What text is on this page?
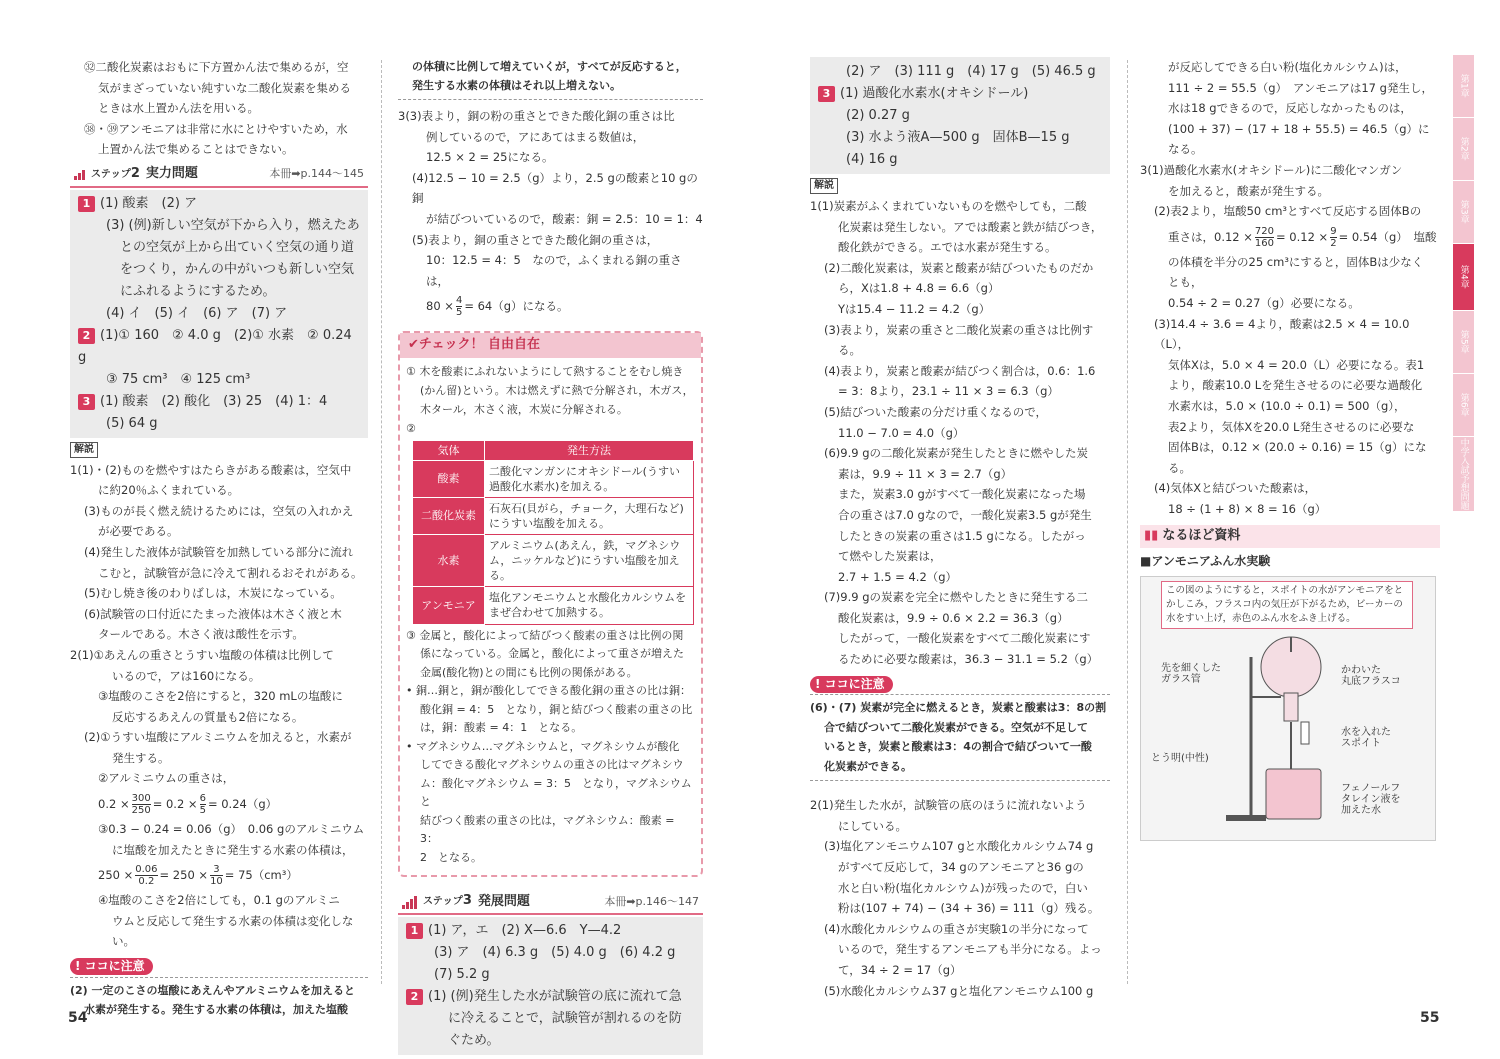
㉜二酸化炭素はおもに下方置かん法で集めるが，空

気がまざっていない純すいな二酸化炭素を集める

ときは水上置かん法を用いる。

㊳・㊴アンモニアは非常に水にとけやすいため，水

上置かん法で集めることはできない。

ステップ2 実力問題	本冊➡p.144〜145

1 (1) 酸素　(2) ア

(3) (例)新しい空気が下から入り，燃えたあ

との空気が上から出ていく空気の通り道

をつくり，かんの中がいつも新しい空気

にふれるようにするため。

(4) イ　(5) イ　(6) ア　(7) ア

2 (1)① 160　② 4.0 g　(2)① 水素　② 0.24 g

③ 75 cm³　④ 125 cm³

3 (1) 酸素　(2) 酸化　(3) 25　(4) 1：4

(5) 64 g

解説

1(1)・(2)ものを燃やすはたらきがある酸素は，空気中

に約20％ふくまれている。

(3)ものが長く燃え続けるためには，空気の入れかえ

が必要である。

(4)発生した液体が試験管を加熱している部分に流れ

こむと，試験管が急に冷えて割れるおそれがある。

(5)むし焼き後のわりばしは，木炭になっている。

(6)試験管の口付近にたまった液体は木さく液と木

タールである。木さく液は酸性を示す。

2(1)①あえんの重さとうすい塩酸の体積は比例して

いるので，アは160になる。

③塩酸のこさを2倍にすると，320 mLの塩酸に

反応するあえんの質量も2倍になる。

(2)①うすい塩酸にアルミニウムを加えると，水素が

発生する。

②アルミニウムの重さは，

$0.2 \times \frac{300}{250} = 0.2 \times \frac{6}{5} = 0.24(g)$

③0.3 − 0.24 = 0.06（g）　0.06 gのアルミニウム

に塩酸を加えたときに発生する水素の体積は，

$250 \times \frac{0.06}{0.2} = 250 \times \frac{3}{10} = 75(cm^3)$

④塩酸のこさを2倍にしても，0.1 gのアルミニ

ウムと反応して発生する水素の体積は変化しな

い。

!
ココに注意

(2) 一定のこさの塩酸にあえんやアルミニウムを加えると

水素が発生する。発生する水素の体積は，加えた塩酸

の体積に比例して増えていくが，すべてが反応すると，

発生する水素の体積はそれ以上増えない。

3(3)表より，銅の粉の重さとできた酸化銅の重さは比

例しているので，アにあてはまる数値は，

12.5 × 2 = 25になる。

(4)12.5 − 10 = 2.5（g）より，2.5 gの酸素と10 gの銅

が結びついているので，酸素：銅 = 2.5：10 = 1：4

(5)表より，銅の重さとできた酸化銅の重さは，

10：12.5 = 4：5　なので，ふくまれる銅の重さは，

$80 \times \frac{4}{5} = 64(g)$になる。

✔チェック！ 自由自在

① 木を酸素にふれないようにして熱することをむし焼き

(かん留)という。木は燃えずに熱で分解され，木ガス，

木タール，木さく液，木炭に分解される。

②

気体	発生方法
酸素	二酸化マンガンにオキシドール(うすい過酸化水素水)を加える。
二酸化炭素	石灰石(貝がら，チョーク，大理石など)にうすい塩酸を加える。
水素	アルミニウム(あえん，鉄，マグネシウム，ニッケルなど)にうすい塩酸を加える。
アンモニア	塩化アンモニウムと水酸化カルシウムをまぜ合わせて加熱する。

③ 金属と，酸化によって結びつく酸素の重さは比例の関

係になっている。金属と，酸化によって重さが増えた

金属(酸化物)との間にも比例の関係がある。

• 銅…銅と，銅が酸化してできる酸化銅の重さの比は銅：

酸化銅 = 4：5　となり，銅と結びつく酸素の重さの比

は，銅：酸素 = 4：1　となる。

• マグネシウム…マグネシウムと，マグネシウムが酸化

してできる酸化マグネシウムの重さの比はマグネシウ

ム：酸化マグネシウム = 3：5　となり，マグネシウムと

結びつく酸素の重さの比は，マグネシウム：酸素 = 3：

2　となる。

ステップ3 発展問題	本冊➡p.146〜147

1 (1) ア，エ　(2) X—6.6　Y—4.2

(3) ア　(4) 6.3 g　(5) 4.0 g　(6) 4.2 g

(7) 5.2 g

2 (1) (例)発生した水が試験管の底に流れて急

に冷えることで，試験管が割れるのを防

ぐため。

54

(2) ア　(3) 111 g　(4) 17 g　(5) 46.5 g

3 (1) 過酸化水素水(オキシドール)

(2) 0.27 g

(3) 水よう液A—500 g　固体B—15 g

(4) 16 g

解説

1(1)炭素がふくまれていないものを燃やしても，二酸

化炭素は発生しない。アでは酸素と鉄が結びつき，

酸化鉄ができる。エでは水素が発生する。

(2)二酸化炭素は，炭素と酸素が結びついたものだか

ら，Xは1.8 + 4.8 = 6.6（g）

Yは15.4 − 11.2 = 4.2（g）

(3)表より，炭素の重さと二酸化炭素の重さは比例す

る。

(4)表より，炭素と酸素が結びつく割合は，0.6：1.6

= 3：8より，23.1 ÷ 11 × 3 = 6.3（g）

(5)結びついた酸素の分だけ重くなるので，

11.0 − 7.0 = 4.0（g）

(6)9.9 gの二酸化炭素が発生したときに燃やした炭

素は，9.9 ÷ 11 × 3 = 2.7（g）

また，炭素3.0 gがすべて一酸化炭素になった場

合の重さは7.0 gなので，一酸化炭素3.5 gが発生

したときの炭素の重さは1.5 gになる。したがっ

て燃やした炭素は，

2.7 + 1.5 = 4.2（g）

(7)9.9 gの炭素を完全に燃やしたときに発生する二

酸化炭素は，9.9 ÷ 0.6 × 2.2 = 36.3（g）

したがって，一酸化炭素をすべて二酸化炭素にす

るために必要な酸素は，36.3 − 31.1 = 5.2（g）

!
ココに注意

(6)・(7) 炭素が完全に燃えるとき，炭素と酸素は3：8の割

合で結びついて二酸化炭素ができる。空気が不足して

いるとき，炭素と酸素は3：4の割合で結びついて一酸

化炭素ができる。

2(1)発生した水が，試験管の底のほうに流れないよう

にしている。

(3)塩化アンモニウム107 gと水酸化カルシウム74 g

がすべて反応して，34 gのアンモニアと36 gの

水と白い粉(塩化カルシウム)が残ったので，白い

粉は(107 + 74) − (34 + 36) = 111（g）残る。

(4)水酸化カルシウムの重さが実験1の半分になって

いるので，発生するアンモニアも半分になる。よっ

て，34 ÷ 2 = 17（g）

(5)水酸化カルシウム37 gと塩化アンモニウム100 g

が反応してできる白い粉(塩化カルシウム)は，

111 ÷ 2 = 55.5（g）　アンモニアは17 g発生し，

水は18 gできるので，反応しなかったものは，

(100 + 37) − (17 + 18 + 55.5) = 46.5（g）になる。

3(1)過酸化水素水(オキシドール)に二酸化マンガン

を加えると，酸素が発生する。

(2)表2より，塩酸50 cm³とすべて反応する固体Bの

重さは，$0.12 \times \frac{720}{160} = 0.12 \times \frac{9}{2} = 0.54(g)$　塩酸

の体積を半分の25 cm³にすると，固体Bは少なく

とも，

0.54 ÷ 2 = 0.27（g）必要になる。

(3)14.4 ÷ 3.6 = 4より，酸素は2.5 × 4 = 10.0（L），

気体Xは，5.0 × 4 = 20.0（L）必要になる。表1

より，酸素10.0 Lを発生させるのに必要な過酸化

水素水は，5.0 × (10.0 ÷ 0.1) = 500（g），

表2より，気体Xを20.0 L発生させるのに必要な

固体Bは，0.12 × (20.0 ÷ 0.16) = 15（g）になる。

(4)気体Xと結びついた酸素は，

18 ÷ (1 + 8) × 8 = 16（g）

▮▮ なるほど資料
■アンモニアふん水実験
この図のようにすると，スポイトの水がアンモニアをとかしこみ，フラスコ内の気圧が下がるため，ビーカーの水をすい上げ，赤色のふん水をふき上げる。
先を細くした
ガラス管
かわいた
丸底フラスコ
水を入れた
スポイト
とう明(中性)
フェノールフ
タレイン液を
加えた水
55
第1章
第2章
第3章
第4章
第5章
第6章
中学入試予想問題
